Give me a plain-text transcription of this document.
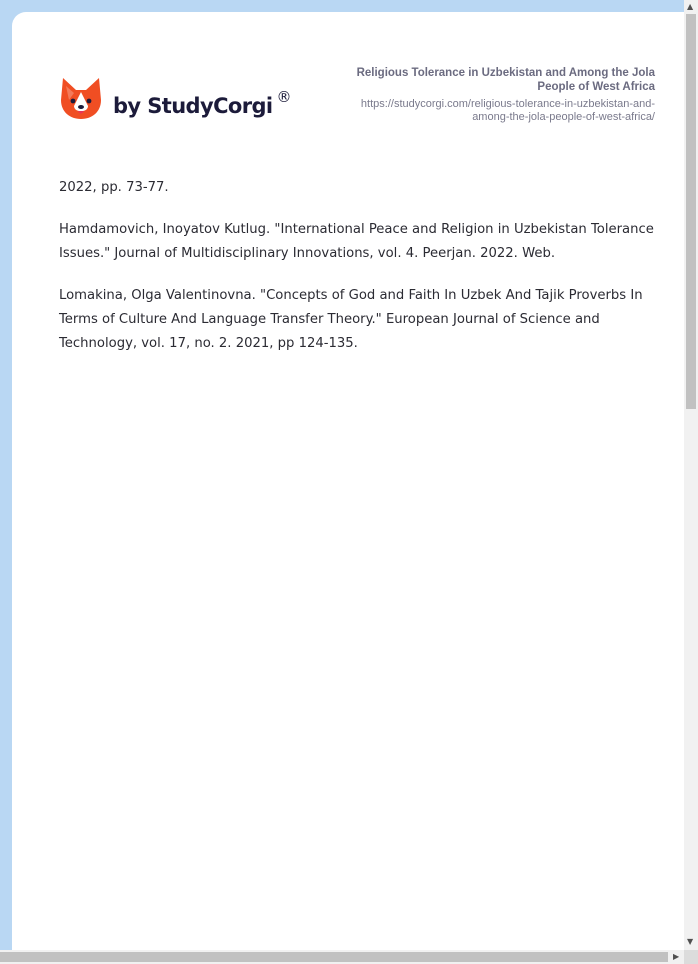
by StudyCorgi ®
Religious Tolerance in Uzbekistan and Among the Jola People of West Africa
https://studycorgi.com/religious-tolerance-in-uzbekistan-and-among-the-jola-people-of-west-africa/

2022, pp. 73-77.

Hamdamovich, Inoyatov Kutlug. "International Peace and Religion in Uzbekistan Tolerance Issues." Journal of Multidisciplinary Innovations, vol. 4. Peerjan. 2022. Web.

Lomakina, Olga Valentinovna. "Concepts of God and Faith In Uzbek And Tajik Proverbs In Terms of Culture And Language Transfer Theory." European Journal of Science and Technology, vol. 17, no. 2. 2021, pp 124-135.

▲
▼
▶
